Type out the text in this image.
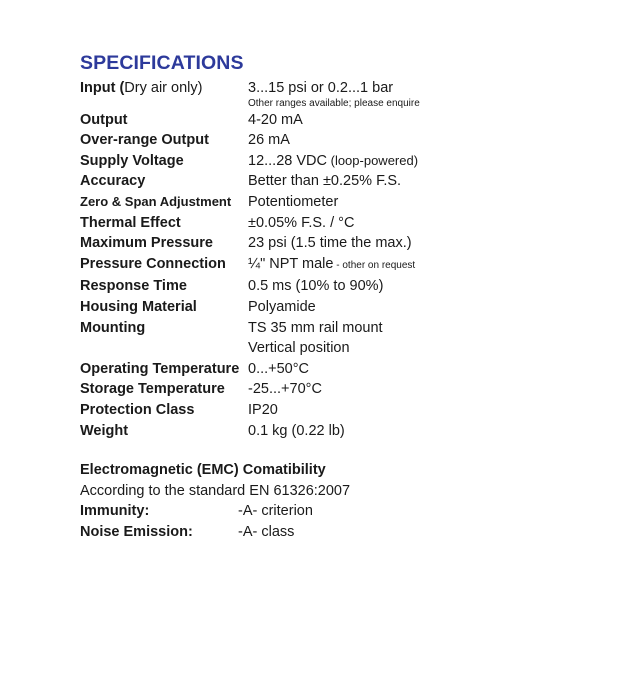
SPECIFICATIONS
Input (Dry air only)	3...15 psi or 0.2...1 bar
Other ranges available; please enquire
Output	4-20 mA
Over-range Output	26 mA
Supply Voltage	12...28 VDC (loop-powered)
Accuracy	Better than ±0.25% F.S.
Zero & Span Adjustment	Potentiometer
Thermal Effect	±0.05% F.S. / °C
Maximum Pressure	23 psi (1.5 time the max.)
Pressure Connection	¼" NPT male - other on request
Response Time	0.5 ms (10% to 90%)
Housing Material	Polyamide
Mounting	TS 35 mm rail mount
Vertical position
Operating Temperature 0...+50°C
Storage Temperature	-25...+70°C
Protection Class	IP20
Weight	0.1 kg (0.22 lb)
Electromagnetic (EMC) Comatibility
According to the standard EN 61326:2007
Immunity:	-A- criterion
Noise Emission:	-A- class
